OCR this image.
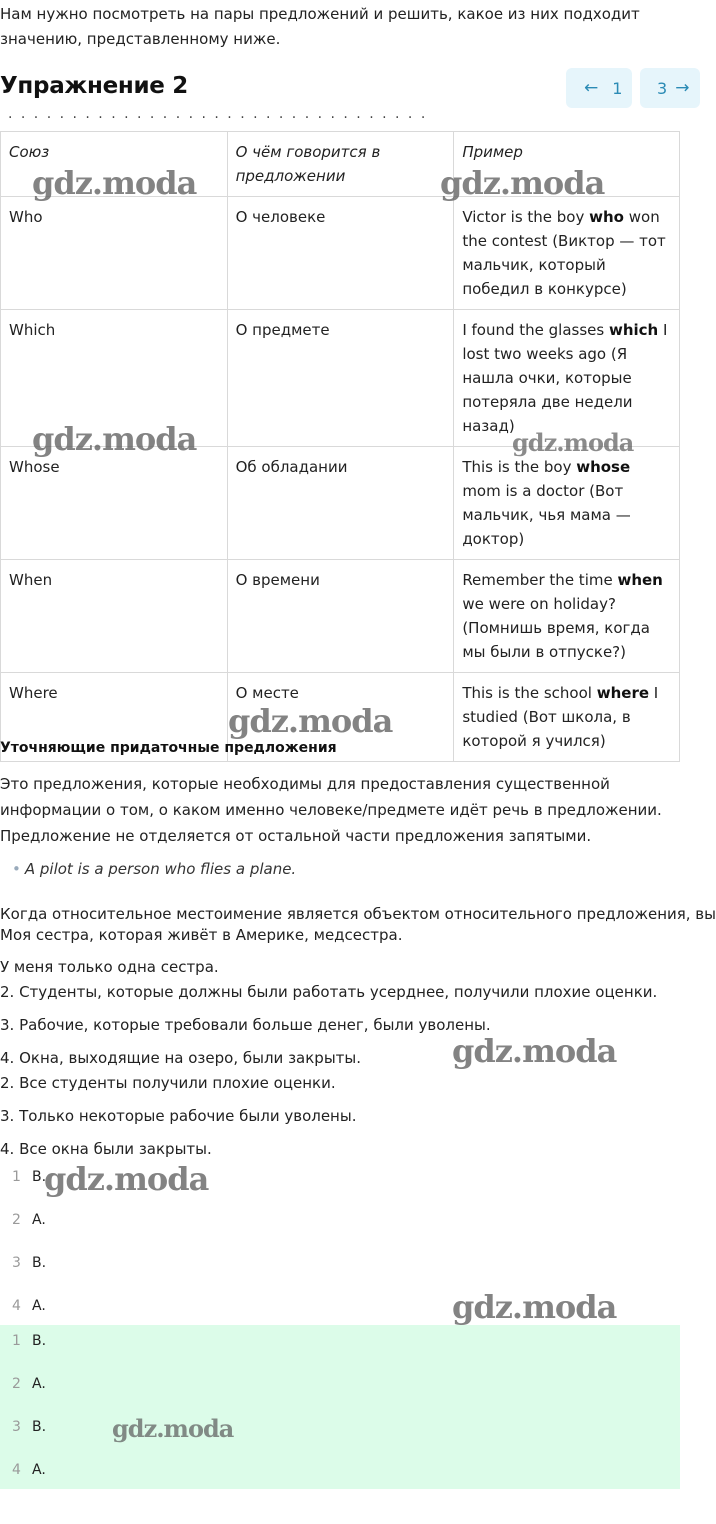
Нам нужно посмотреть на пары предложений и решить, какое из них подходит значению, представленному ниже.
Упражнение 2	← 1 3 →
. . . . . . . . . . . . . . . . . . . . . . . . . . . . . . . . .
Союз	О чём говорится в предложении	Пример
Who	О человеке	Victor is the boy who won the contest (Виктор — тот мальчик, который победил в конкурсе)
Which	О предмете	I found the glasses which I lost two weeks ago (Я нашла очки, которые потеряла две недели назад)
Whose	Об обладании	This is the boy whose mom is a doctor (Вот мальчик, чья мама — доктор)
When	О времени	Remember the time when we were on holiday? (Помнишь время, когда мы были в отпуске?)
Where	О месте	This is the school where I studied (Вот школа, в которой я учился)
Уточняющие придаточные предложения
Это предложения, которые необходимы для предоставления существенной информации о том, о каком именно человеке/предмете идёт речь в предложении. Предложение не отделяется от остальной части предложения запятыми.
• A pilot is a person who flies a plane.
Когда относительное местоимение является объектом относительного предложения, вы
Моя сестра, которая живёт в Америке, медсестра.
У меня только одна сестра.
2. Студенты, которые должны были работать усерднее, получили плохие оценки.
3. Рабочие, которые требовали больше денег, были уволены.
4. Окна, выходящие на озеро, были закрыты.
2. Все студенты получили плохие оценки.
3. Только некоторые рабочие были уволены.
4. Все окна были закрыты.
1 B.
2 A.
3 B.
4 A.
1 B.
2 A.
3 B.
4 A.
gdz.moda	gdz.moda
gdz.moda	gdz.moda
gdz.moda
gdz.moda
gdz.moda
gdz.moda
gdz.moda
